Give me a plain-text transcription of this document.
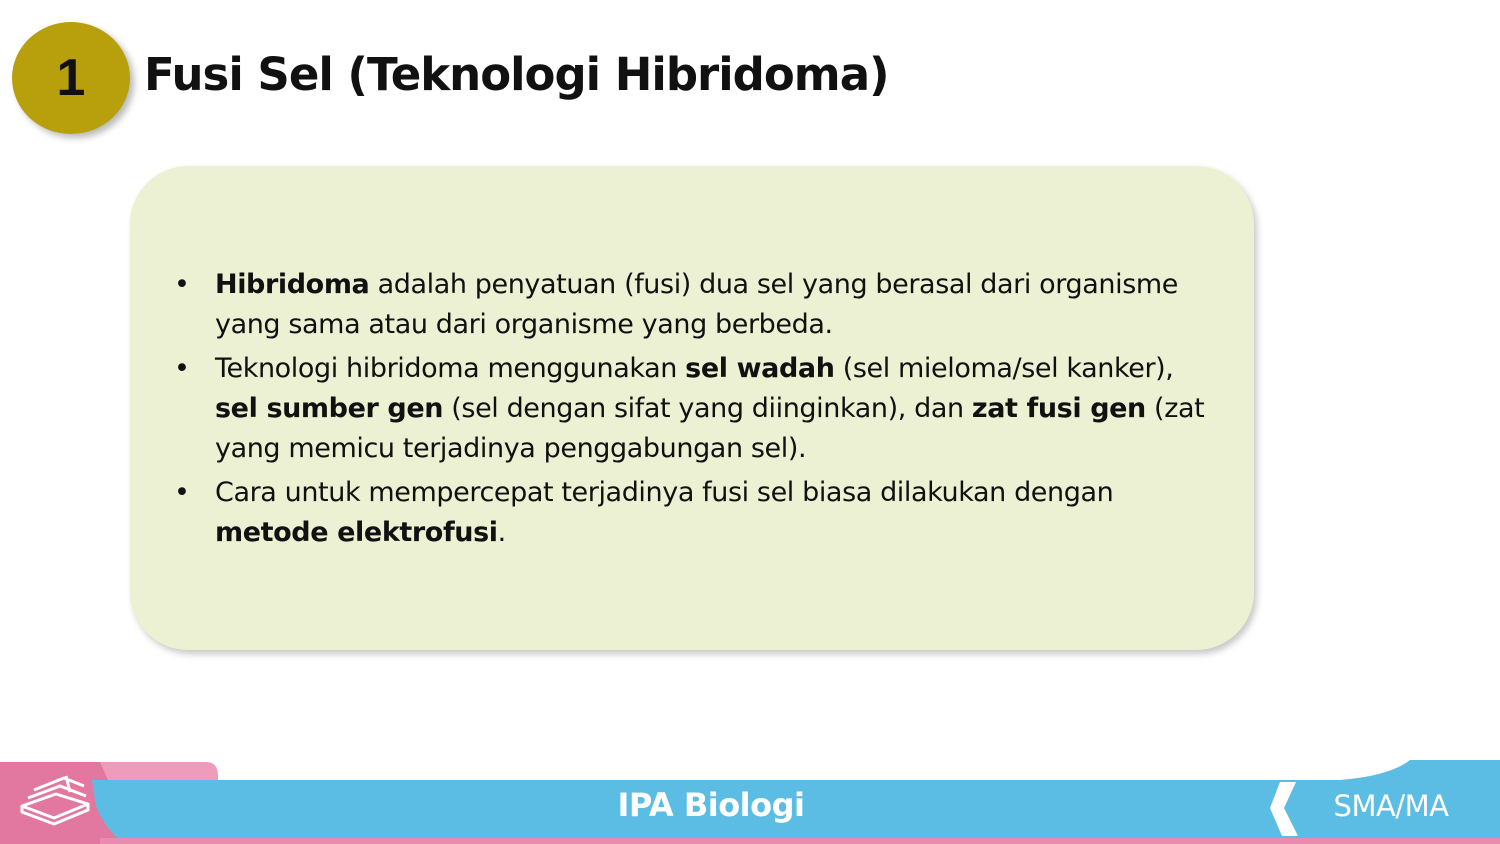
1 Fusi Sel (Teknologi Hibridoma)
• Hibridoma adalah penyatuan (fusi) dua sel yang berasal dari organisme yang sama atau dari organisme yang berbeda.
• Teknologi hibridoma menggunakan sel wadah (sel mieloma/sel kanker), sel sumber gen (sel dengan sifat yang diinginkan), dan zat fusi gen (zat yang memicu terjadinya penggabungan sel).
• Cara untuk mempercepat terjadinya fusi sel biasa dilakukan dengan metode elektrofusi.
IPA Biologi	SMA/MA
